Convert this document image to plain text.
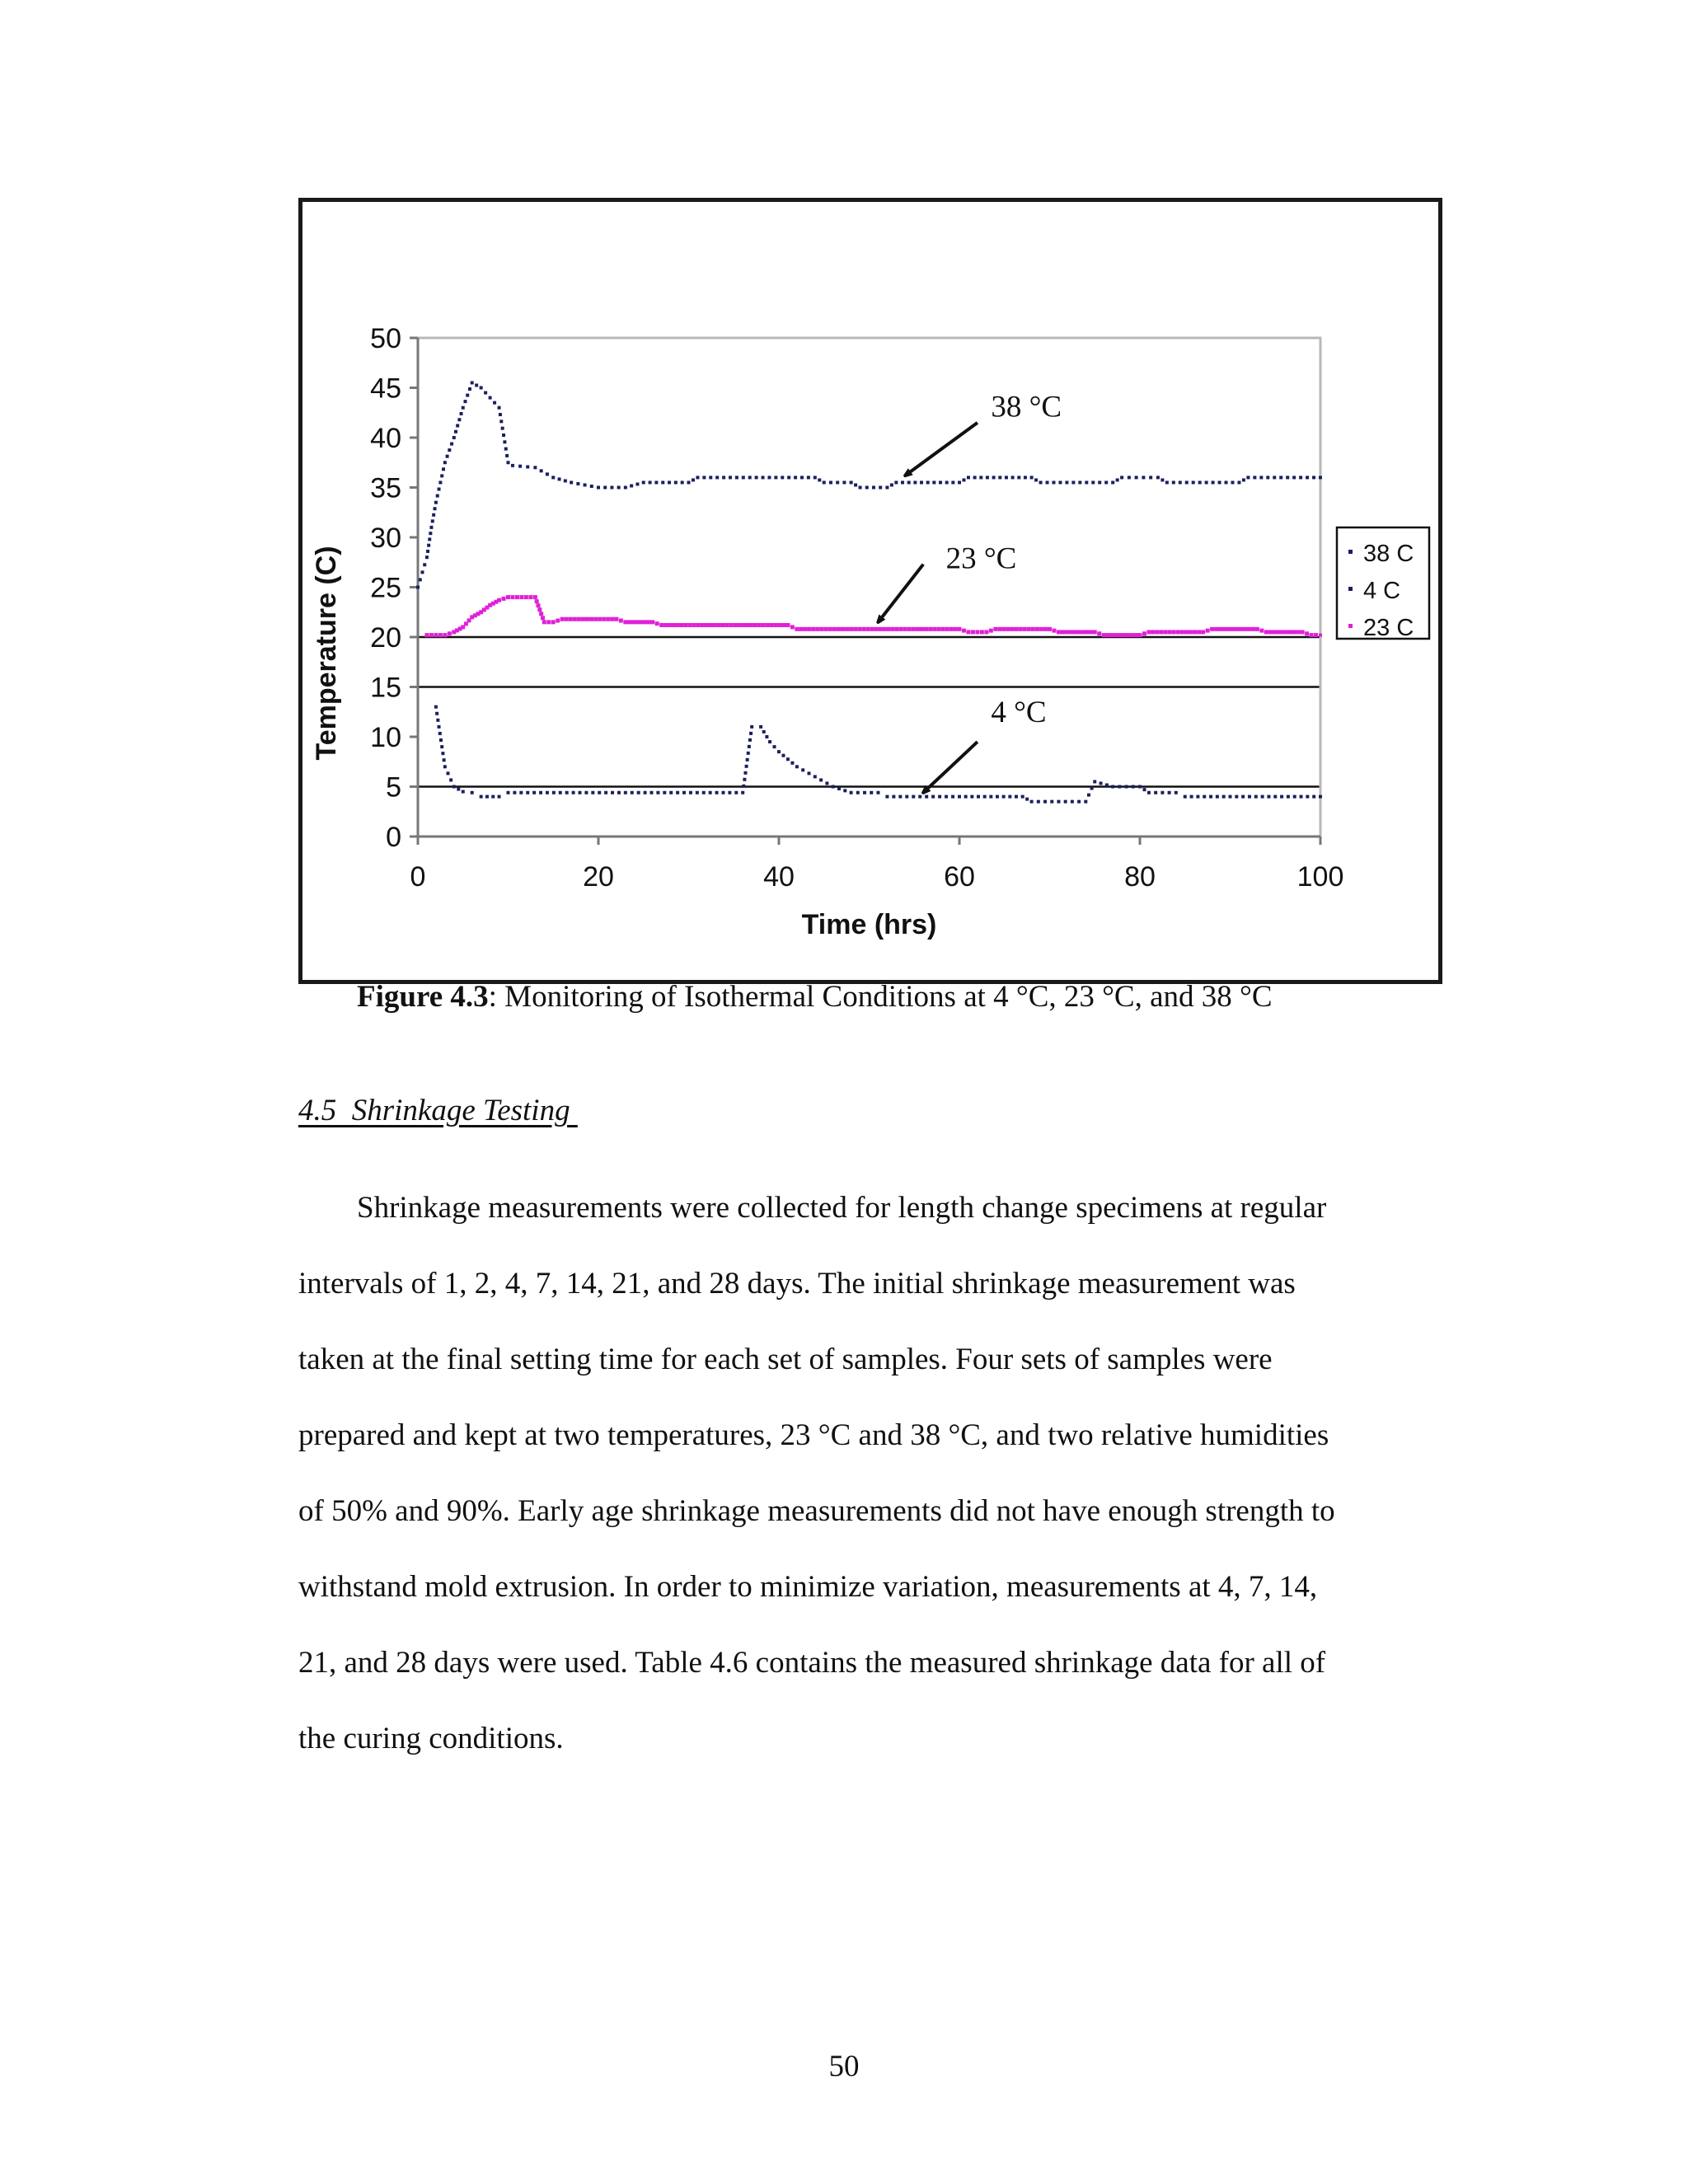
0
5
10
15
20
25
30
35
40
45
50
0	20	40	60	80	100
Time (hrs)
Temperature (C)
38 °C
23 °C
4 °C
38 C
4 C
23 C
Figure 4.3: Monitoring of Isothermal Conditions at 4 °C, 23 °C, and 38 °C
4.5  Shrinkage Testing
Shrinkage measurements were collected for length change specimens at regular
intervals of 1, 2, 4, 7, 14, 21, and 28 days. The initial shrinkage measurement was
taken at the final setting time for each set of samples. Four sets of samples were
prepared and kept at two temperatures, 23 °C and 38 °C, and two relative humidities
of 50% and 90%. Early age shrinkage measurements did not have enough strength to
withstand mold extrusion. In order to minimize variation, measurements at 4, 7, 14,
21, and 28 days were used. Table 4.6 contains the measured shrinkage data for all of
the curing conditions.
50
